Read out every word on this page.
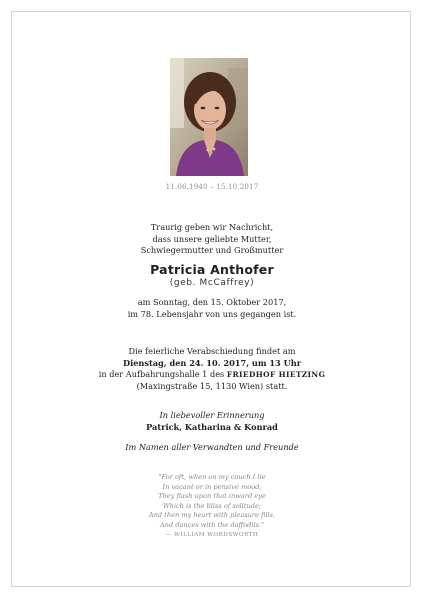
11.06.1940 – 15.10.2017
Traurig geben wir Nachricht,
dass unsere geliebte Mutter,
Schwiegermutter und Großmutter
Patricia Anthofer
(geb. McCaffrey)
am Sonntag, den 15. Oktober 2017,
im 78. Lebensjahr von uns gegangen ist.
Die feierliche Verabschiedung findet am
Dienstag, den 24. 10. 2017, um 13 Uhr
in der Aufbahrungshalle 1 des FRIEDHOF HIETZING
(Maxingstraße 15, 1130 Wien) statt.
In liebevoller Erinnerung
Patrick, Katharina & Konrad
Im Namen aller Verwandten und Freunde
"For oft, when on my couch I lie
In vacant or in pensive mood,
They flash upon that inward eye
Which is the bliss of solitude;
And then my heart with pleasure fills,
And dances with the daffodils."
— WILLIAM WORDSWORTH
